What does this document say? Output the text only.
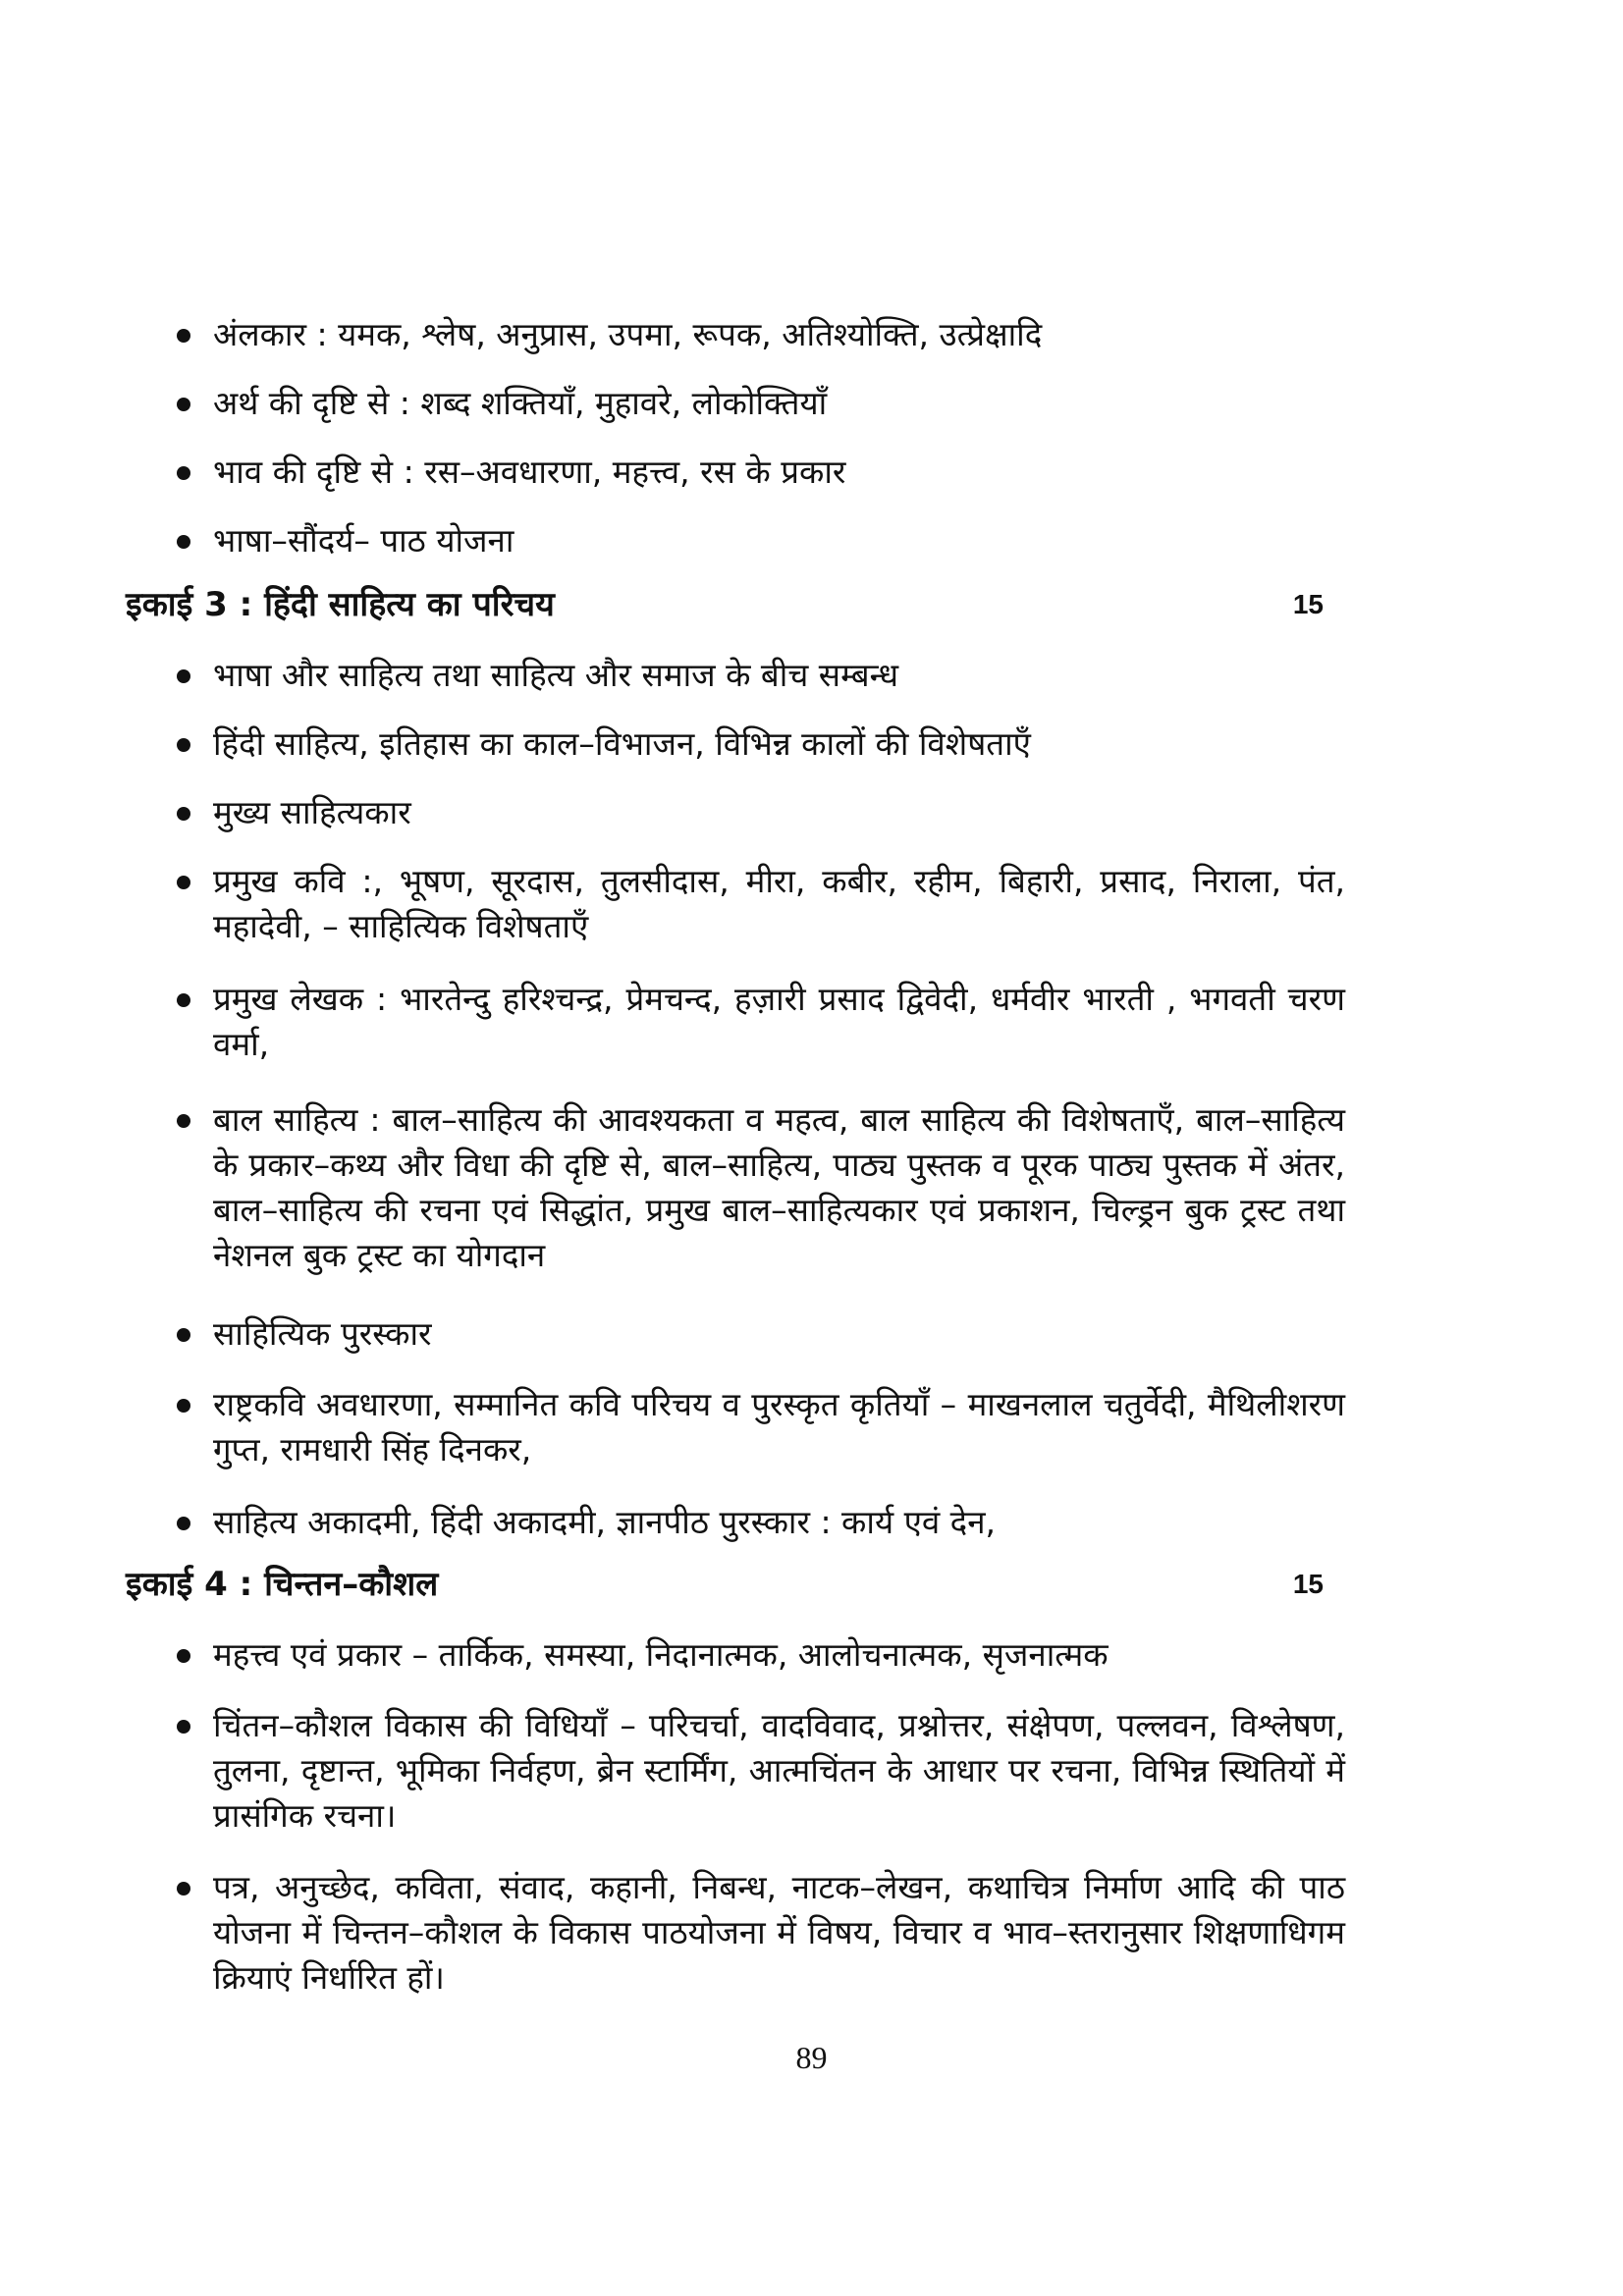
अंलकार : यमक, श्लेष, अनुप्रास, उपमा, रूपक, अतिश्योक्ति, उत्प्रेक्षादि
अर्थ की दृष्टि से : शब्द शक्तियाँ, मुहावरे, लोकोक्तियाँ
भाव की दृष्टि से : रस–अवधारणा, महत्त्व, रस के प्रकार
भाषा–सौंदर्य– पाठ योजना
इकाई 3 : हिंदी साहित्य का परिचय	15
भाषा और साहित्य तथा साहित्य और समाज के बीच सम्बन्ध
हिंदी साहित्य, इतिहास का काल–विभाजन, विभिन्न कालों की विशेषताएँ
मुख्य साहित्यकार
प्रमुख कवि :, भूषण, सूरदास, तुलसीदास, मीरा, कबीर, रहीम, बिहारी, प्रसाद, निराला, पंत, महादेवी, – साहित्यिक विशेषताएँ
प्रमुख लेखक : भारतेन्दु हरिश्चन्द्र, प्रेमचन्द, हज़ारी प्रसाद द्विवेदी, धर्मवीर भारती , भगवती चरण वर्मा,
बाल साहित्य : बाल–साहित्य की आवश्यकता व महत्व, बाल साहित्य की विशेषताएँ, बाल–साहित्य के प्रकार–कथ्य और विधा की दृष्टि से, बाल–साहित्य, पाठ्य पुस्तक व पूरक पाठ्य पुस्तक में अंतर, बाल–साहित्य की रचना एवं सिद्धांत, प्रमुख बाल–साहित्यकार एवं प्रकाशन, चिल्ड्रन बुक ट्रस्ट तथा नेशनल बुक ट्रस्ट का योगदान
साहित्यिक पुरस्कार
राष्ट्रकवि अवधारणा, सम्मानित कवि परिचय व पुरस्कृत कृतियाँ – माखनलाल चतुर्वेदी, मैथिलीशरण गुप्त, रामधारी सिंह दिनकर,
साहित्य अकादमी, हिंदी अकादमी, ज्ञानपीठ पुरस्कार : कार्य एवं देन,
इकाई 4 : चिन्तन–कौशल	15
महत्त्व एवं प्रकार – तार्किक, समस्या, निदानात्मक, आलोचनात्मक, सृजनात्मक
चिंतन–कौशल विकास की विधियाँ – परिचर्चा, वादविवाद, प्रश्नोत्तर, संक्षेपण, पल्लवन, विश्लेषण, तुलना, दृष्टान्त, भूमिका निर्वहण, ब्रेन स्टार्मिंग, आत्मचिंतन के आधार पर रचना, विभिन्न स्थितियों में प्रासंगिक रचना।
पत्र, अनुच्छेद, कविता, संवाद, कहानी, निबन्ध, नाटक–लेखन, कथाचित्र निर्माण आदि की पाठ योजना में चिन्तन–कौशल के विकास पाठयोजना में विषय, विचार व भाव–स्तरानुसार शिक्षणाधिगम क्रियाएं निर्धारित हों।
89
